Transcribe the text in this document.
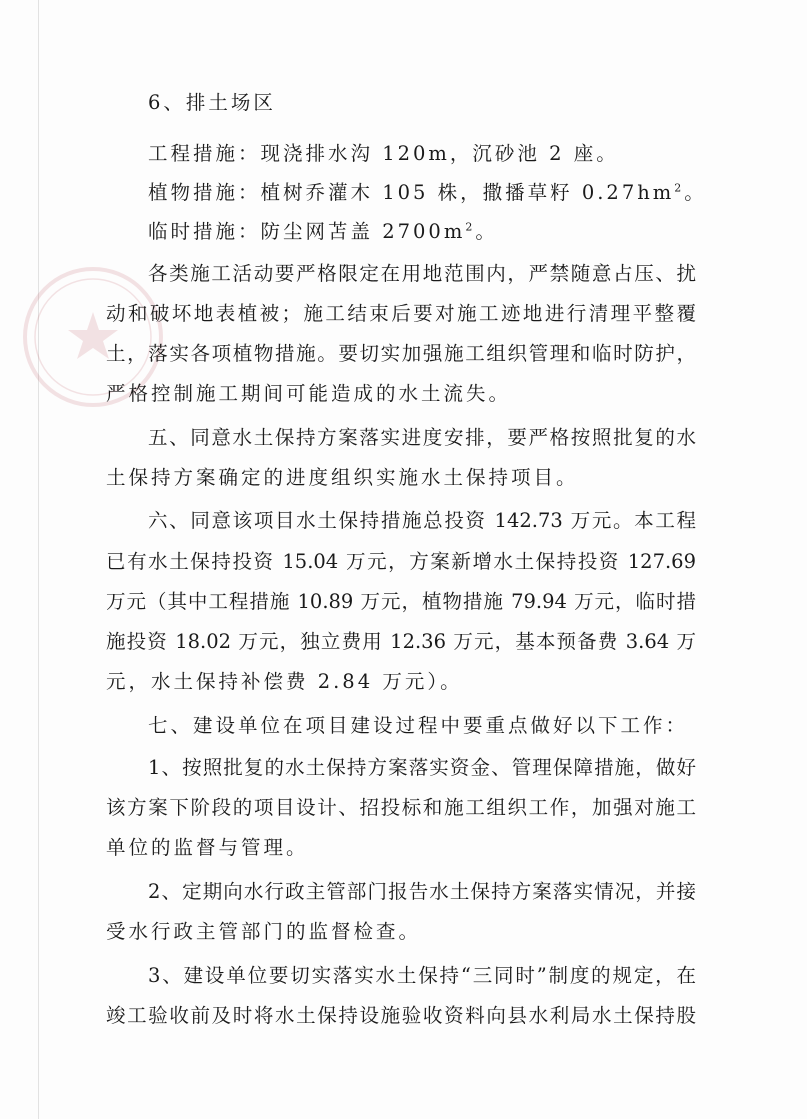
6、排土场区
工程措施：现浇排水沟 120m，沉砂池 2 座。
植物措施：植树乔灌木 105 株，撒播草籽 $0.27hm^2$。
临时措施：防尘网苫盖 $2700m^2$。
各类施工活动要严格限定在用地范围内，严禁随意占压、扰
动和破坏地表植被；施工结束后要对施工迹地进行清理平整覆
土，落实各项植物措施。要切实加强施工组织管理和临时防护，
严格控制施工期间可能造成的水土流失。
五、同意水土保持方案落实进度安排，要严格按照批复的水
土保持方案确定的进度组织实施水土保持项目。
六、同意该项目水土保持措施总投资 142.73 万元。本工程
已有水土保持投资 15.04 万元，方案新增水土保持投资 127.69
万元（其中工程措施 10.89 万元，植物措施 79.94 万元，临时措
施投资 18.02 万元，独立费用 12.36 万元，基本预备费 3.64 万
元，水土保持补偿费 2.84 万元）。
七、建设单位在项目建设过程中要重点做好以下工作：
1、按照批复的水土保持方案落实资金、管理保障措施，做好
该方案下阶段的项目设计、招投标和施工组织工作，加强对施工
单位的监督与管理。
2、定期向水行政主管部门报告水土保持方案落实情况，并接
受水行政主管部门的监督检查。
3、建设单位要切实落实水土保持“三同时”制度的规定，在
竣工验收前及时将水土保持设施验收资料向县水利局水土保持股
